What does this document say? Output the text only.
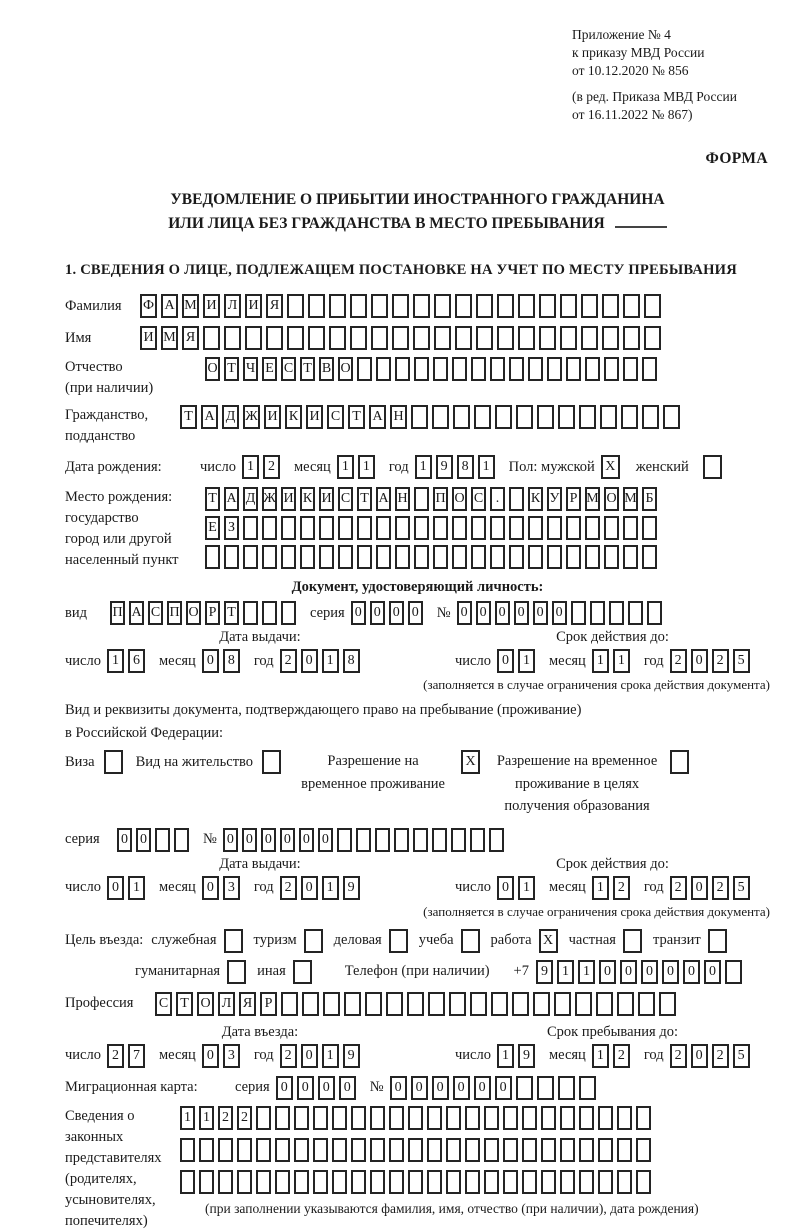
Приложение № 4
к приказу МВД России
от 10.12.2020 № 856
(в ред. Приказа МВД России
от 16.11.2022 № 867)
ФОРМА
УВЕДОМЛЕНИЕ О ПРИБЫТИИ ИНОСТРАННОГО ГРАЖДАНИНА
ИЛИ ЛИЦА БЕЗ ГРАЖДАНСТВА В МЕСТО ПРЕБЫВАНИЯ
1. СВЕДЕНИЯ О ЛИЦЕ, ПОДЛЕЖАЩЕМ ПОСТАНОВКЕ НА УЧЕТ ПО МЕСТУ ПРЕБЫВАНИЯ
Фамилия	Ф А М И Л И Я
Имя	И М Я
Отчество
(при наличии)
О Т Ч Е С Т В О
Гражданство,
подданство
Т А Д Ж И К И С Т А Н
Дата рождения:	число 1	2	месяц 1	1	год 1	9	8	1	Пол: мужской X	женский
Место рождения:
государство
город или другой
населенный пункт
Т А Д Ж И К И С Т А Н П О С .	К У Р М О М Б
Е З
Документ, удостоверяющий личность:
вид	П А С П О Р Т	серия 0 0 0 0 № 0 0 0 0 0 0
Дата выдачи:	Срок действия до:
число 1	6	месяц 0	8	год 2	0	1	8	число 0	1	месяц 1	1	год 2	0	2	5
(заполняется в случае ограничения срока действия документа)
Вид и реквизиты документа, подтверждающего право на пребывание (проживание)
в Российской Федерации:
Виза	Вид на жительство	Разрешение на временное проживание
X	Разрешение на временное проживание в целях получения образования
серия	0 0	№ 0 0 0 0 0 0
Дата выдачи:	Срок действия до:
число 0	1	месяц 0	3	год 2	0	1	9	число 0	1	месяц 1	2	год 2	0	2	5
(заполняется в случае ограничения срока действия документа)
Цель въезда: служебная	туризм	деловая	учеба	работа X	частная	транзит
гуманитарная	иная	Телефон (при наличии) +7 9	1	1	0	0	0	0	0	0
Профессия	С Т О Л Я Р
Дата въезда:	Срок пребывания до:
число 2	7	месяц 0	3	год 2	0	1	9	число 1	9	месяц 1	2	год 2	0	2	5
Миграционная карта:	серия 0	0	0	0	№ 0	0	0	0	0	0
Сведения о
законных
представителях
(родителях,
усыновителях,
попечителях)
1 1 2 2
(при заполнении указываются фамилия, имя, отчество (при наличии), дата рождения)
